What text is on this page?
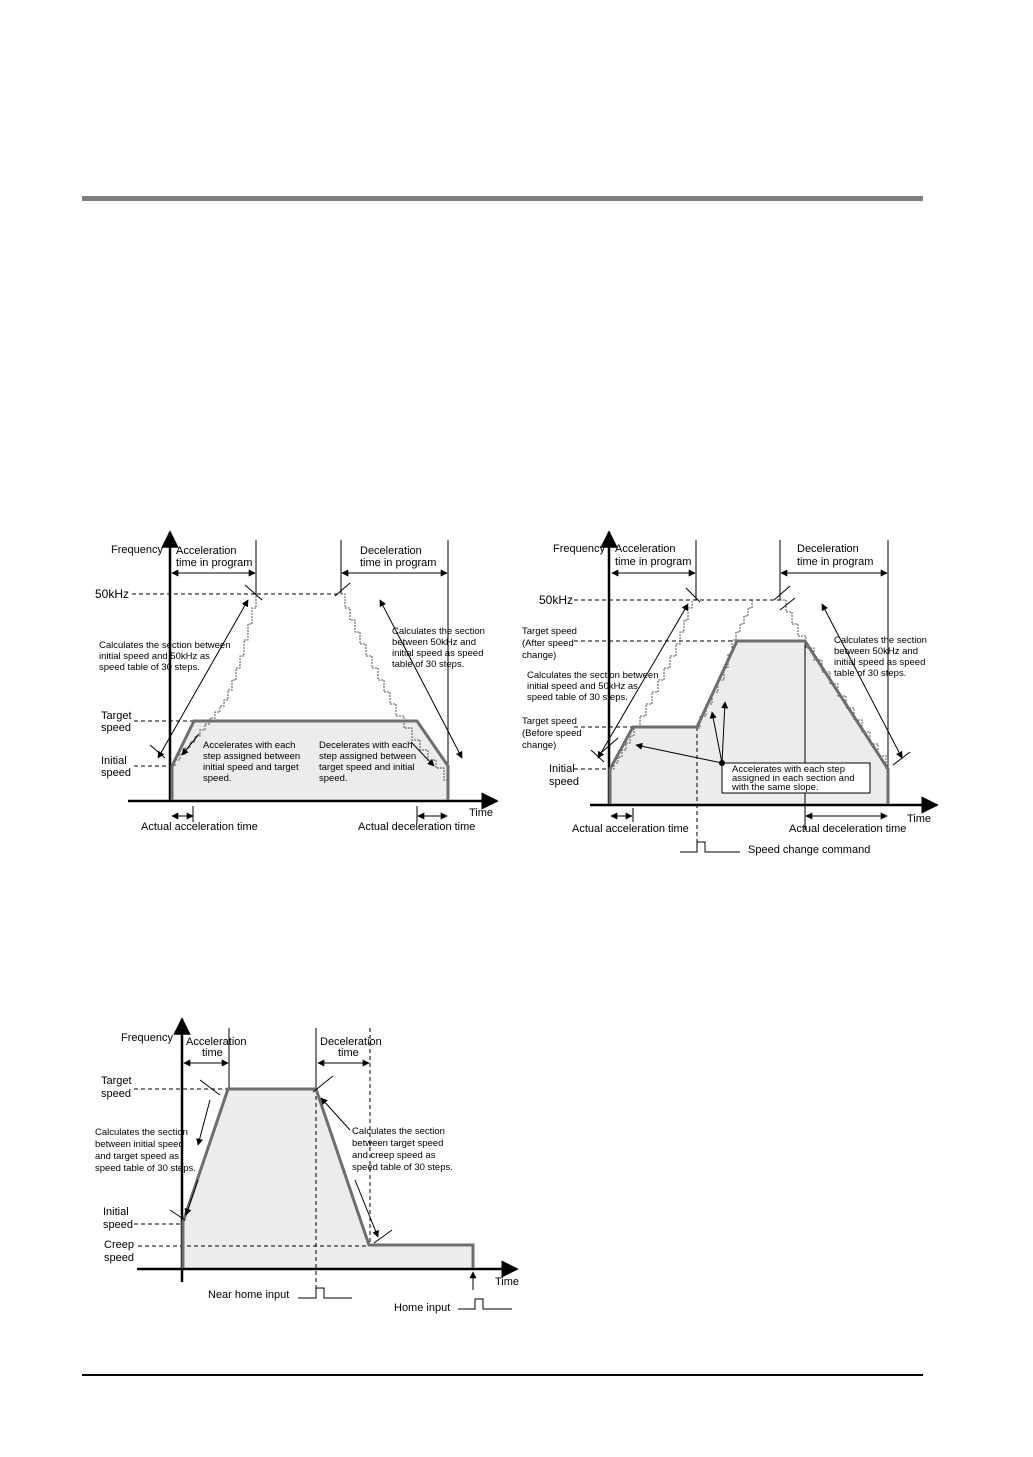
Frequency Acceleration
time in program
Deceleration
time in program
50kHz
Target
speed
Initial
speed
Time
Calculates the section between
initial speed and 50kHz as
speed table of 30 steps.
Calculates the section
between 50kHz and
initial speed as speed
table of 30 steps.
Accelerates with each
step assigned between
initial speed and target
speed.
Decelerates with each
step assigned between
target speed and initial
speed.
Actual acceleration time	Actual deceleration time
Frequency Acceleration
time in program
Deceleration
time in program
50kHz
Target speed
(After speed
change)
Target speed
(Before speed
change)
Initial
speed
Time
Calculates the section between
initial speed and 50kHz as
speed table of 30 steps.
Calculates the section
between 50kHz and
initial speed as speed
table of 30 steps.
Accelerates with each step
assigned in each section and
with the same slope.
Actual acceleration time	Actual deceleration time
Speed change command
Frequency Acceleration
time
Deceleration
time
Target
speed
Initial
speed
Creep
speed
Time
Calculates the section
between initial speed
and target speed as
speed table of 30 steps.
Calculates the section
between target speed
and creep speed as
speed table of 30 steps.
Near home input
Home input
